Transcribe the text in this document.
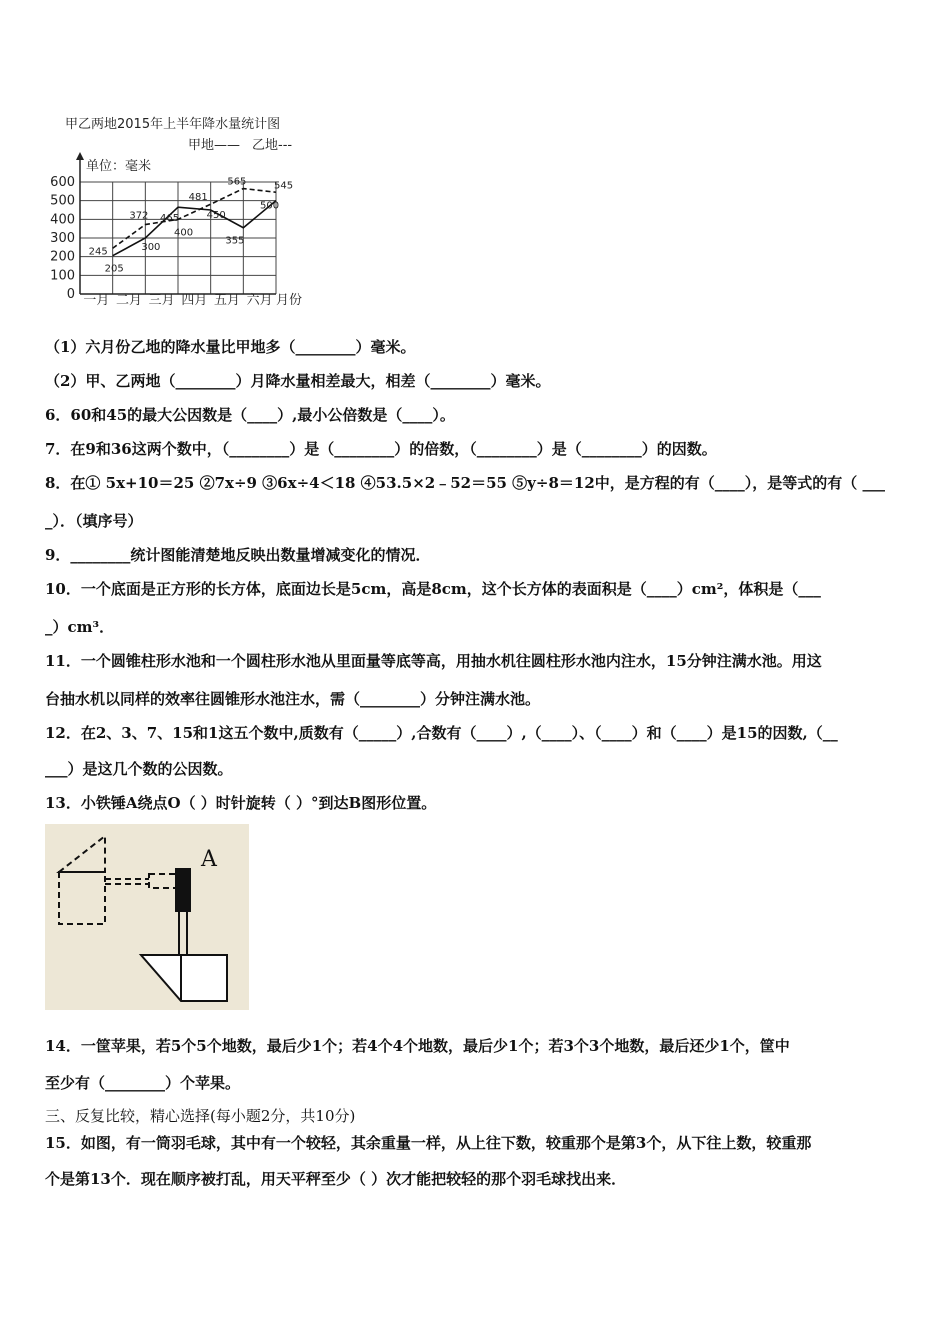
甲乙两地2015年上半年降水量统计图
甲地—— 乙地---
单位：毫米
月份
0
100
200
300
400
500
600
一月 二月 三月 四月 五月 六月
205
300
465	450
355
500
245
372
400
481
565	545
（1）六月份乙地的降水量比甲地多（________）毫米。
（2）甲、乙两地（________）月降水量相差最大，相差（________）毫米。
6．60和45的最大公因数是（____）,最小公倍数是（____）。
7．在9和36这两个数中，（________）是（________）的倍数，（________）是（________）的因数。
8．在① 5x+10＝25 ②7x÷9 ③6x÷4＜18 ④53.5×2﹣52＝55 ⑤y÷8＝12中，是方程的有（____），是等式的有（ ___
_）．（填序号）
9．________统计图能清楚地反映出数量增减变化的情况．
10．一个底面是正方形的长方体，底面边长是5cm，高是8cm，这个长方体的表面积是（____）cm²，体积是（___
_）cm³．
11．一个圆锥柱形水池和一个圆柱形水池从里面量等底等高，用抽水机往圆柱形水池内注水，15分钟注满水池。用这
台抽水机以同样的效率往圆锥形水池注水，需（________）分钟注满水池。
12．在2、3、7、15和1这五个数中,质数有（_____）,合数有（____）,（____）、（____）和（____）是15的因数,（__
___）是这几个数的公因数。
13．小铁锤A绕点O（ ）时针旋转（ ）°到达B图形位置。
A
14．一筐苹果，若5个5个地数，最后少1个；若4个4个地数，最后少1个；若3个3个地数，最后还少1个，筐中
至少有（________）个苹果。
三、反复比较，精心选择(每小题2分，共10分)
15．如图，有一筒羽毛球，其中有一个较轻，其余重量一样，从上往下数，较重那个是第3个，从下往上数，较重那
个是第13个．现在顺序被打乱，用天平秤至少（ ）次才能把较轻的那个羽毛球找出来．
